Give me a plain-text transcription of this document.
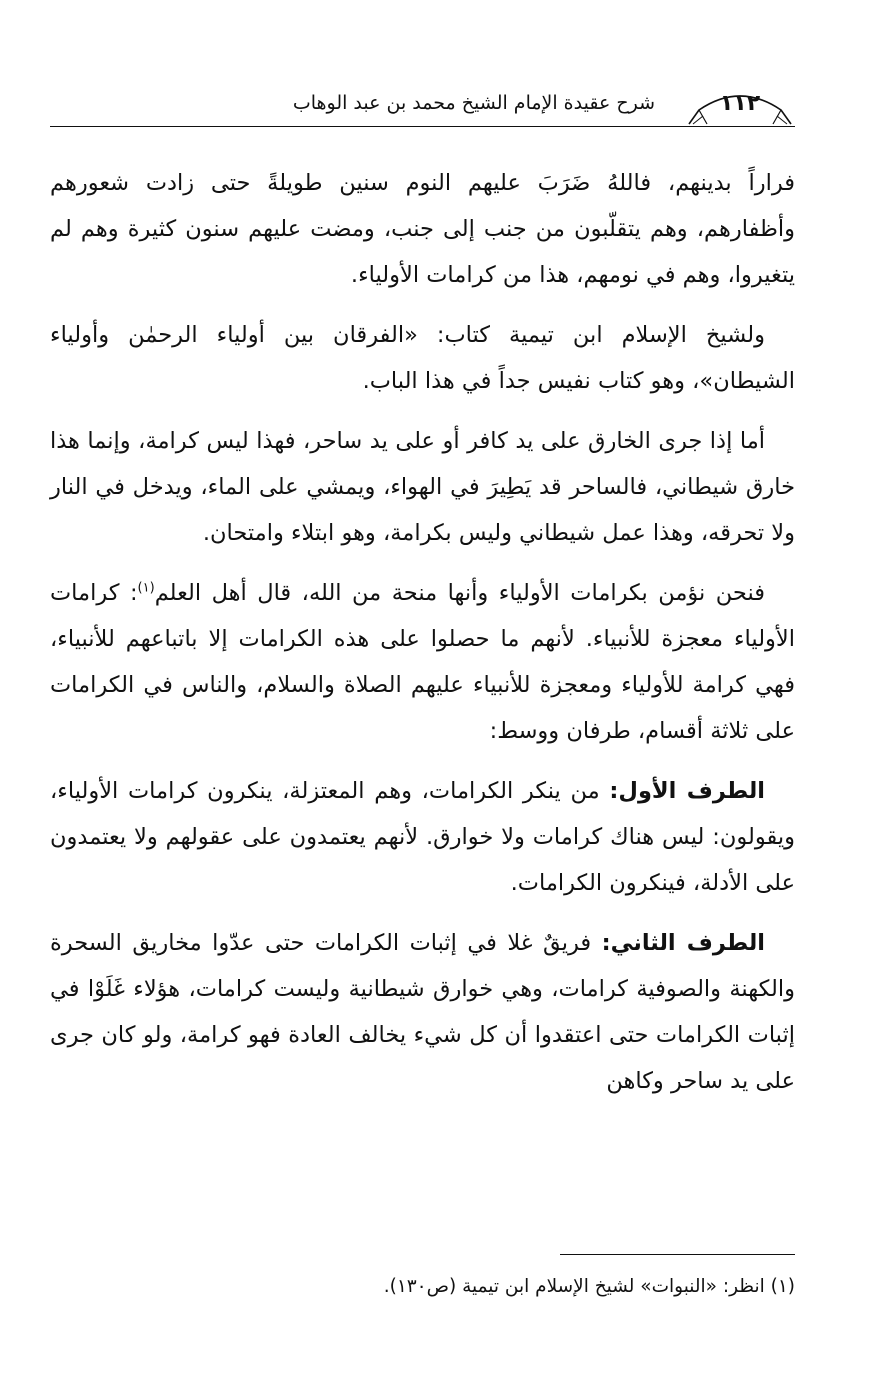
١١٢
شرح عقيدة الإمام الشيخ محمد بن عبد الوهاب

فراراً بدينهم، فاللهُ ضَرَبَ عليهم النوم سنين طويلةً حتى زادت شعورهم وأظفارهم، وهم يتقلّبون من جنب إلى جنب، ومضت عليهم سنون كثيرة وهم لم يتغيروا، وهم في نومهم، هذا من كرامات الأولياء.

ولشيخ الإسلام ابن تيمية كتاب: «الفرقان بين أولياء الرحمٰن وأولياء الشيطان»، وهو كتاب نفيس جداً في هذا الباب.

أما إذا جرى الخارق على يد كافر أو على يد ساحر، فهذا ليس كرامة، وإنما هذا خارق شيطاني، فالساحر قد يَطِيرَ في الهواء، ويمشي على الماء، ويدخل في النار ولا تحرقه، وهذا عمل شيطاني وليس بكرامة، وهو ابتلاء وامتحان.

فنحن نؤمن بكرامات الأولياء وأنها منحة من الله، قال أهل العلم$^{(١)}$: كرامات الأولياء معجزة للأنبياء. لأنهم ما حصلوا على هذه الكرامات إلا باتباعهم للأنبياء، فهي كرامة للأولياء ومعجزة للأنبياء عليهم الصلاة والسلام، والناس في الكرامات على ثلاثة أقسام، طرفان ووسط:

الطرف الأول: من ينكر الكرامات، وهم المعتزلة، ينكرون كرامات الأولياء، ويقولون: ليس هناك كرامات ولا خوارق. لأنهم يعتمدون على عقولهم ولا يعتمدون على الأدلة، فينكرون الكرامات.

الطرف الثاني: فريقٌ غلا في إثبات الكرامات حتى عدّوا مخاريق السحرة والكهنة والصوفية كرامات، وهي خوارق شيطانية وليست كرامات، هؤلاء غَلَوْا في إثبات الكرامات حتى اعتقدوا أن كل شيء يخالف العادة فهو كرامة، ولو كان جرى على يد ساحر وكاهن

(١) انظر: «النبوات» لشيخ الإسلام ابن تيمية (ص١٣٠).
